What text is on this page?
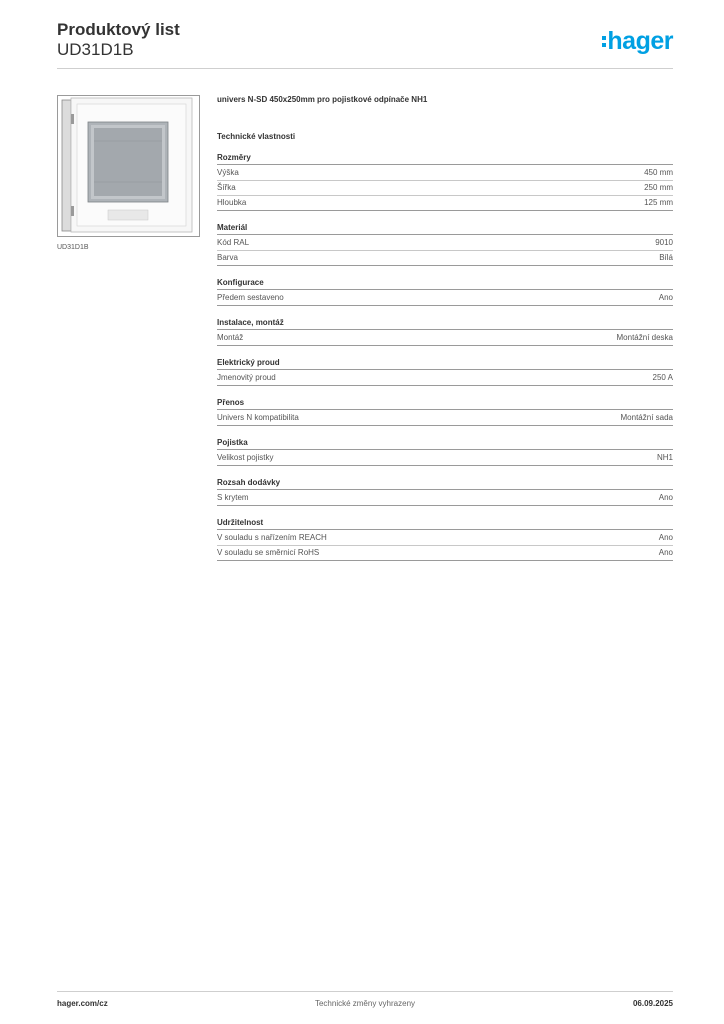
Produktový list
UD31D1B	hager
UD31D1B
univers N-SD 450x250mm pro pojistkové odpínače NH1
Technické vlastnosti
Rozměry
Výška	450 mm
Šířka	250 mm
Hloubka	125 mm
Materiál
Kód RAL	9010
Barva	Bílá
Konfigurace
Předem sestaveno	Ano
Instalace, montáž
Montáž	Montážní deska
Elektrický proud
Jmenovitý proud	250 A
Přenos
Univers N kompatibilita	Montážní sada
Pojistka
Velikost pojistky	NH1
Rozsah dodávky
S krytem	Ano
Udržitelnost
V souladu s nařízením REACH	Ano
V souladu se směrnicí RoHS	Ano
hager.com/cz	Technické změny vyhrazeny	06.09.2025
